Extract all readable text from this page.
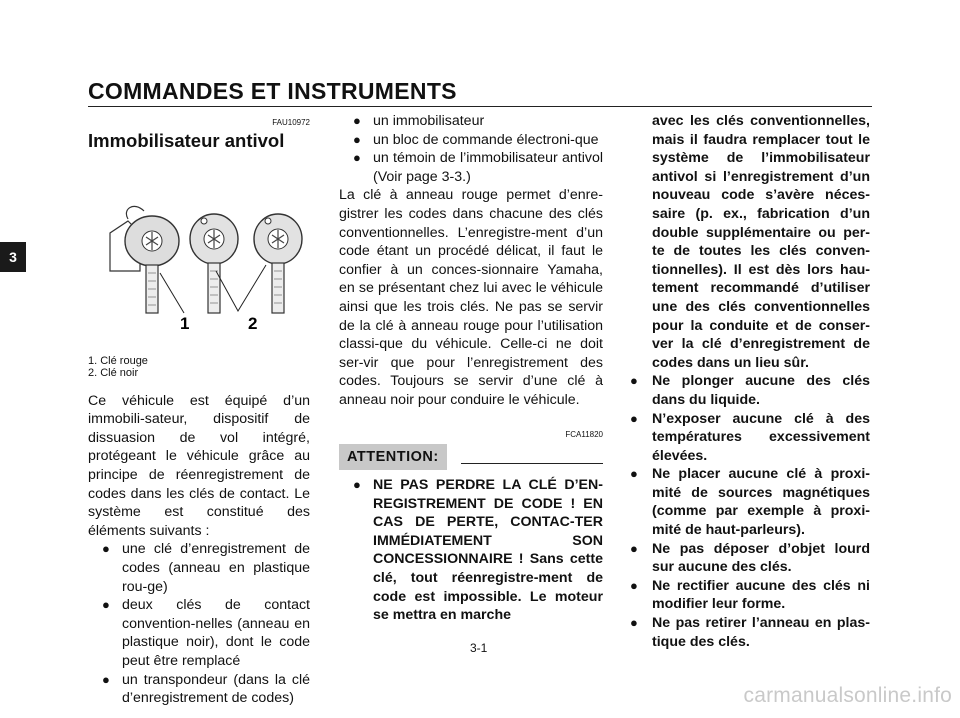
COMMANDES ET INSTRUMENTS
3
FAU10972
Immobilisateur antivol
1	2
1. Clé rouge
2. Clé noir
Ce véhicule est équipé d’un immobili-sateur, dispositif de dissuasion de vol intégré, protégeant le véhicule grâce au principe de réenregistrement de codes dans les clés de contact. Le système est constitué des éléments suivants :
● une clé d’enregistrement de codes (anneau en plastique rou-ge)
● deux clés de contact convention-nelles (anneau en plastique noir), dont le code peut être remplacé
● un transpondeur (dans la clé d’enregistrement de codes)
● un immobilisateur
● un bloc de commande électroni-que
● un témoin de l’immobilisateur antivol (Voir page 3-3.)
La clé à anneau rouge permet d’enre-gistrer les codes dans chacune des clés conventionnelles. L’enregistre-ment d’un code étant un procédé délicat, il faut le confier à un conces-sionnaire Yamaha, en se présentant chez lui avec le véhicule ainsi que les trois clés. Ne pas se servir de la clé à anneau rouge pour l’utilisation classi-que du véhicule. Celle-ci ne doit ser-vir que pour l’enregistrement des codes. Toujours se servir d’une clé à anneau noir pour conduire le véhicule.
FCA11820
ATTENTION:
● NE PAS PERDRE LA CLÉ D’EN-REGISTREMENT DE CODE ! EN CAS DE PERTE, CONTAC-TER IMMÉDIATEMENT SON CONCESSIONNAIRE ! Sans cette clé, tout réenregistre-ment de code est impossible. Le moteur se mettra en marche
avec les clés conventionnelles, mais il faudra remplacer tout le système de l’immobilisateur antivol si l’enregistrement d’un nouveau code s’avère néces-saire (p. ex., fabrication d’un double supplémentaire ou per-te de toutes les clés conven-tionnelles). Il est dès lors hau-tement recommandé d’utiliser une des clés conventionnelles pour la conduite et de conser-ver la clé d’enregistrement de codes dans un lieu sûr.
● Ne plonger aucune des clés dans du liquide.
● N’exposer aucune clé à des températures excessivement élevées.
● Ne placer aucune clé à proxi-mité de sources magnétiques (comme par exemple à proxi-mité de haut-parleurs).
● Ne pas déposer d’objet lourd sur aucune des clés.
● Ne rectifier aucune des clés ni modifier leur forme.
● Ne pas retirer l’anneau en plas-tique des clés.
3-1
carmanualsonline.info
